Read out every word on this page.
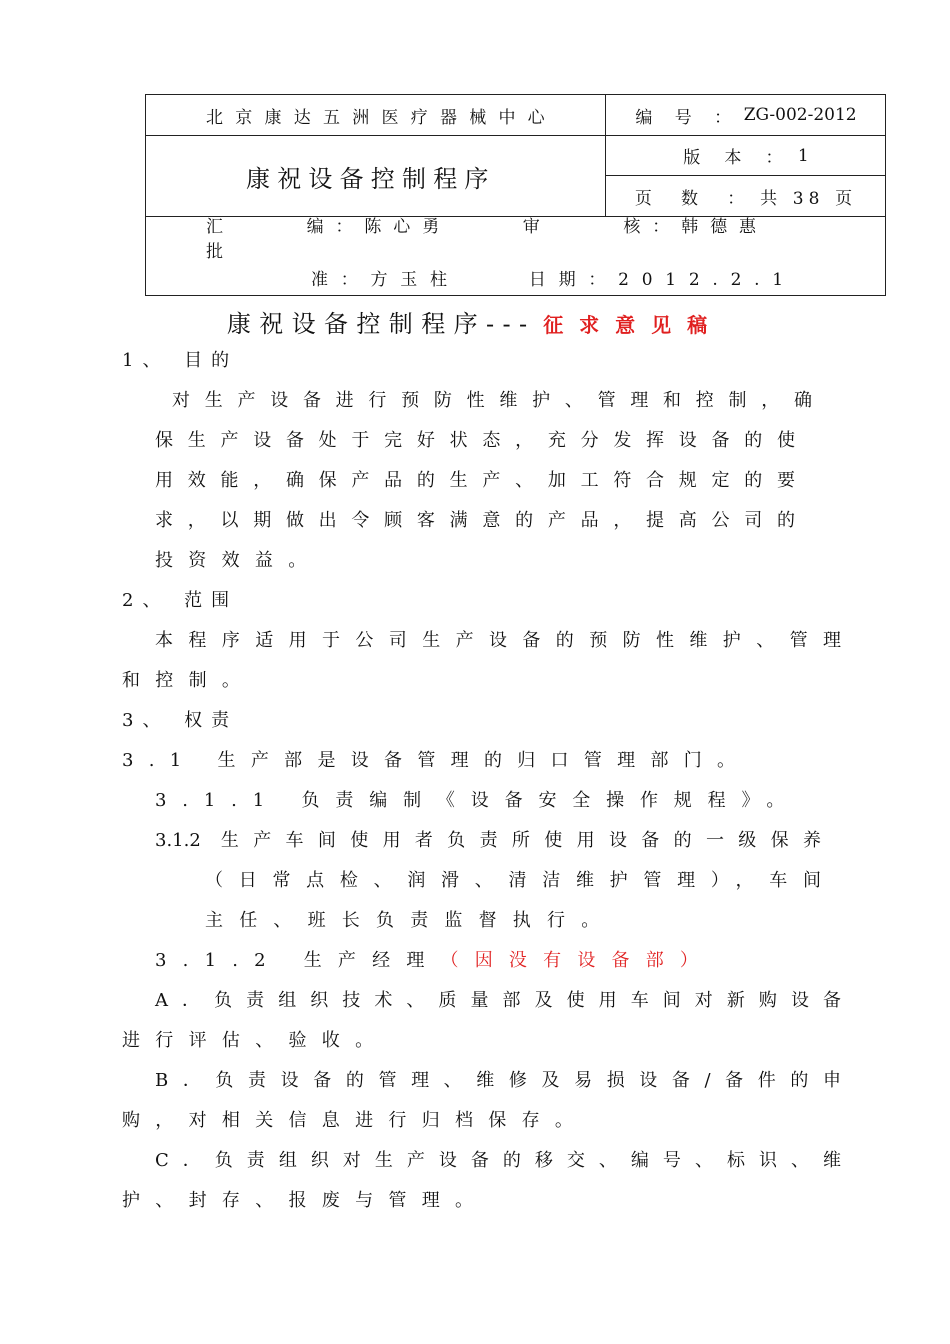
北京康达五洲医疗器械中心	编 号 ： ZG-002-2012
康祝设备控制程序
版 本 ： 1
页 数 ： 共 38 页
汇 编：陈心勇 审 核：韩德惠 批
准：方玉柱 日期：2012.2.1
康祝设备控制程序--- 征求意见稿
1、 目的
对生产设备进行预防性维护、管理和控制，确
保生产设备处于完好状态，充分发挥设备的使
用效能，确保产品的生产、加工符合规定的要
求，以期做出令顾客满意的产品，提高公司的
投资效益。
2、 范围
本程序适用于公司生产设备的预防性维护、管理
和控制。
3、 权责
3.1 生产部是设备管理的归口管理部门。
3.1.1 负责编制《设备安全操作规程》。
3.1.2 生产车间使用者负责所使用设备的一级保养
（日常点检、润滑、清洁维护管理），车间
主任、班长负责监督执行。
3.1.2 生产经理（因没有设备部）
A．负责组织技术、质量部及使用车间对新购设备
进行评估、验收。
B．负责设备的管理、维修及易损设备/备件的申
购，对相关信息进行归档保存。
C．负责组织对生产设备的移交、编号、标识、维
护、封存、报废与管理。
